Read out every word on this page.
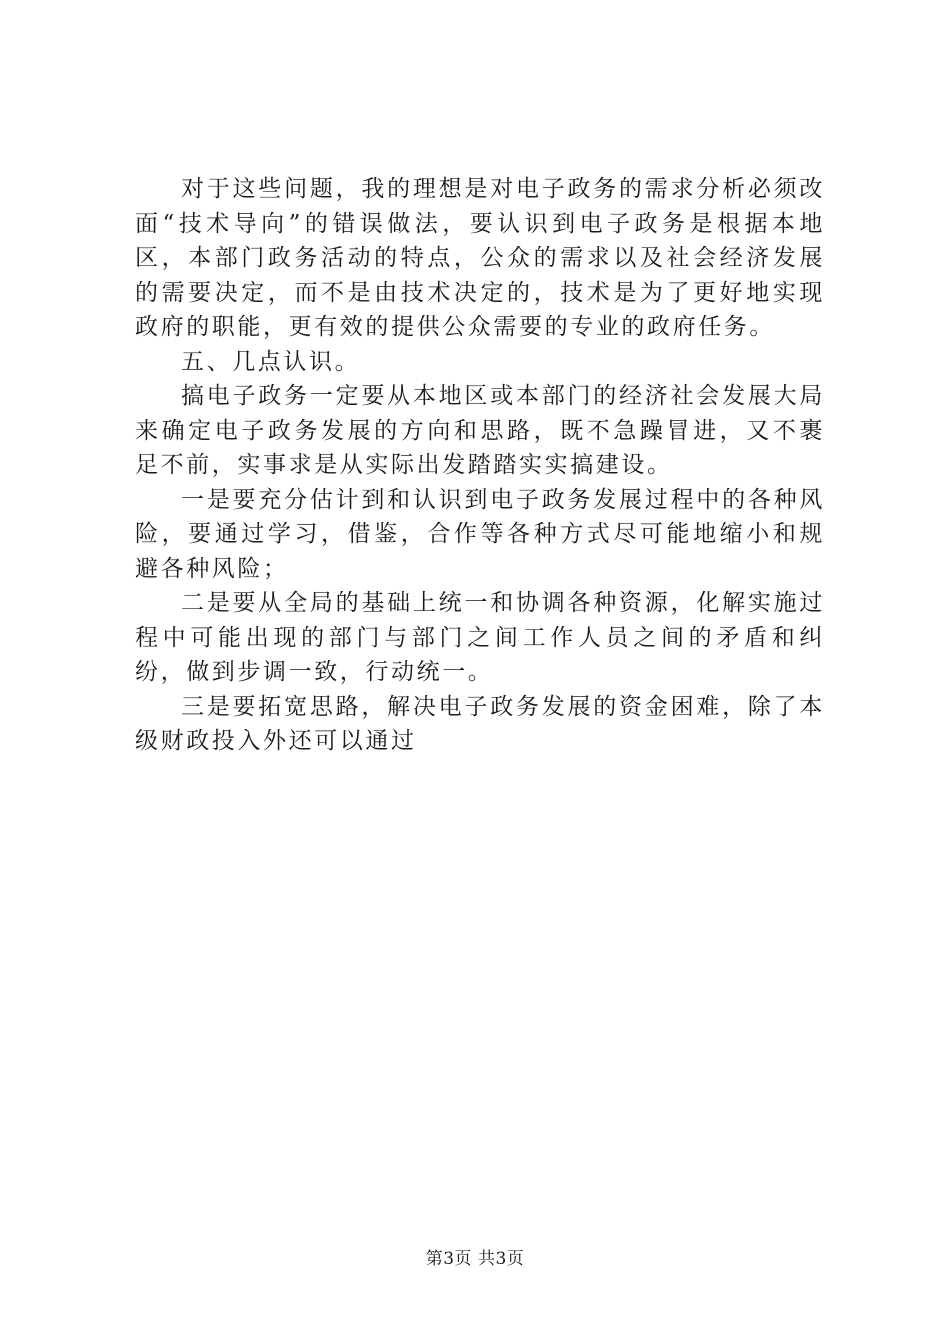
对于这些问题，我的理想是对电子政务的需求分析必须改面“技术导向”的错误做法，要认识到电子政务是根据本地区，本部门政务活动的特点，公众的需求以及社会经济发展的需要决定，而不是由技术决定的，技术是为了更好地实现政府的职能，更有效的提供公众需要的专业的政府任务。

五、几点认识。

搞电子政务一定要从本地区或本部门的经济社会发展大局来确定电子政务发展的方向和思路，既不急躁冒进，又不裹足不前，实事求是从实际出发踏踏实实搞建设。

一是要充分估计到和认识到电子政务发展过程中的各种风险，要通过学习，借鉴，合作等各种方式尽可能地缩小和规避各种风险；

二是要从全局的基础上统一和协调各种资源，化解实施过程中可能出现的部门与部门之间工作人员之间的矛盾和纠纷，做到步调一致，行动统一。

三是要拓宽思路，解决电子政务发展的资金困难，除了本级财政投入外还可以通过

第3页 共3页
